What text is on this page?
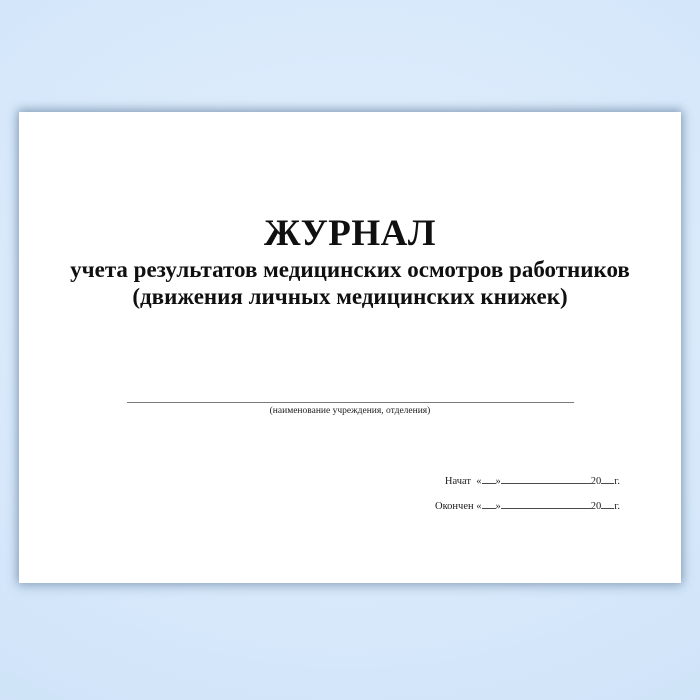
ЖУРНАЛ
учета результатов медицинских осмотров работников
(движения личных медицинских книжек)
(наименование учреждения, отделения)
Начат « »	20 г.
Окончен « »	20 г.
